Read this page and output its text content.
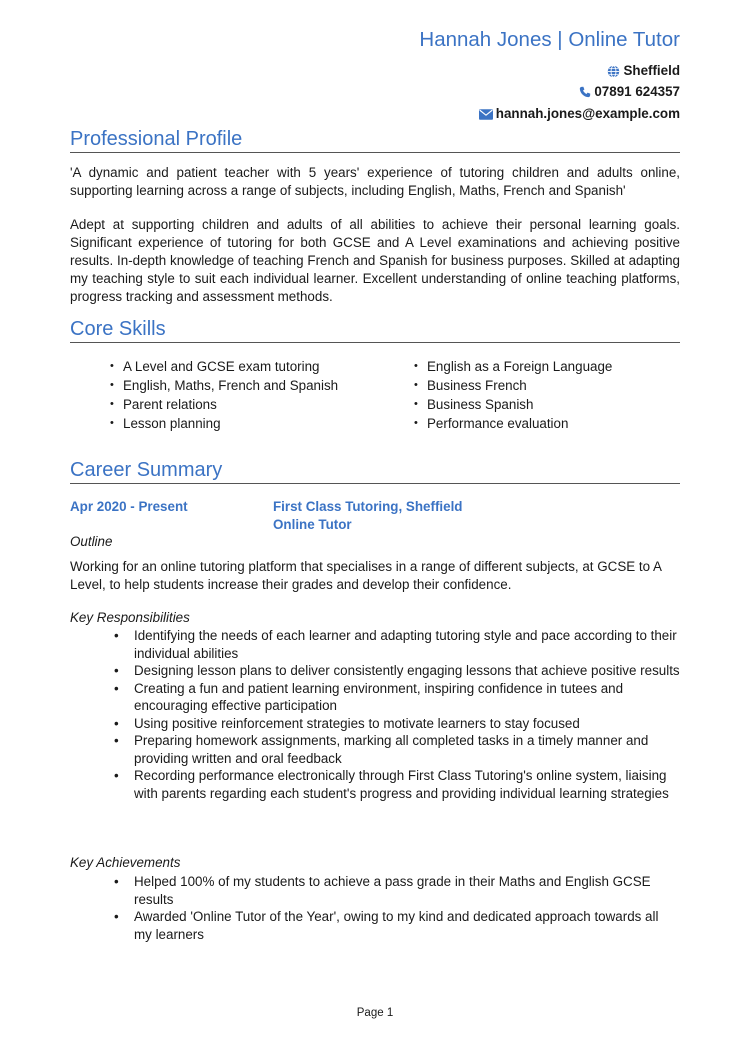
Hannah Jones | Online Tutor
Sheffield
07891 624357
hannah.jones@example.com
Professional Profile

'A dynamic and patient teacher with 5 years' experience of tutoring children and adults online, supporting learning across a range of subjects, including English, Maths, French and Spanish'

Adept at supporting children and adults of all abilities to achieve their personal learning goals. Significant experience of tutoring for both GCSE and A Level examinations and achieving positive results. In-depth knowledge of teaching French and Spanish for business purposes. Skilled at adapting my teaching style to suit each individual learner. Excellent understanding of online teaching platforms, progress tracking and assessment methods.

Core Skills
• A Level and GCSE exam tutoring
• English, Maths, French and Spanish
• Parent relations
• Lesson planning
• English as a Foreign Language
• Business French
• Business Spanish
• Performance evaluation
Career Summary
Apr 2020 - Present	First Class Tutoring, Sheffield
Online Tutor
Outline

Working for an online tutoring platform that specialises in a range of different subjects, at GCSE to A Level, to help students increase their grades and develop their confidence.

Key Responsibilities
• Identifying the needs of each learner and adapting tutoring style and pace according to their individual abilities
• Designing lesson plans to deliver consistently engaging lessons that achieve positive results
• Creating a fun and patient learning environment, inspiring confidence in tutees and encouraging effective participation
• Using positive reinforcement strategies to motivate learners to stay focused
• Preparing homework assignments, marking all completed tasks in a timely manner and providing written and oral feedback
• Recording performance electronically through First Class Tutoring's online system, liaising with parents regarding each student's progress and providing individual learning strategies
Key Achievements
• Helped 100% of my students to achieve a pass grade in their Maths and English GCSE results
• Awarded 'Online Tutor of the Year', owing to my kind and dedicated approach towards all my learners
Page 1
